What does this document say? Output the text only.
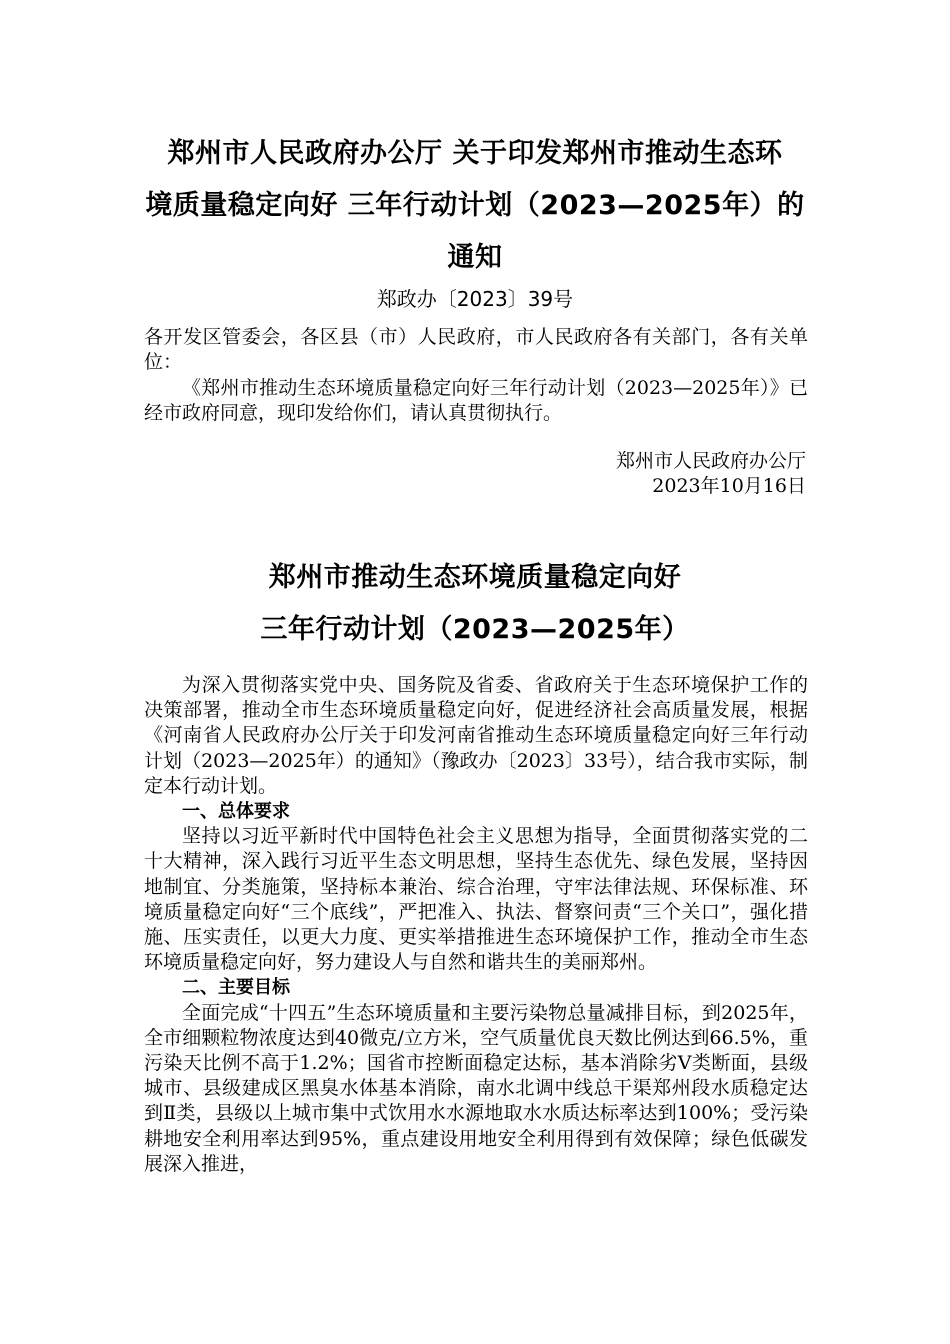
郑州市人民政府办公厅 关于印发郑州市推动生态环
境质量稳定向好 三年行动计划（2023—2025年）的
通知
郑政办〔2023〕39号
各开发区管委会，各区县（市）人民政府，市人民政府各有关部门，各有关单位：
《郑州市推动生态环境质量稳定向好三年行动计划（2023—2025年）》已经市政府同意，现印发给你们，请认真贯彻执行。
郑州市人民政府办公厅
2023年10月16日
郑州市推动生态环境质量稳定向好
三年行动计划（2023—2025年）

为深入贯彻落实党中央、国务院及省委、省政府关于生态环境保护工作的决策部署，推动全市生态环境质量稳定向好，促进经济社会高质量发展，根据《河南省人民政府办公厅关于印发河南省推动生态环境质量稳定向好三年行动计划（2023—2025年）的通知》（豫政办〔2023〕33号），结合我市实际，制定本行动计划。

一、总体要求

坚持以习近平新时代中国特色社会主义思想为指导，全面贯彻落实党的二十大精神，深入践行习近平生态文明思想，坚持生态优先、绿色发展，坚持因地制宜、分类施策，坚持标本兼治、综合治理，守牢法律法规、环保标准、环境质量稳定向好“三个底线”，严把准入、执法、督察问责“三个关口”，强化措施、压实责任，以更大力度、更实举措推进生态环境保护工作，推动全市生态环境质量稳定向好，努力建设人与自然和谐共生的美丽郑州。

二、主要目标

全面完成“十四五”生态环境质量和主要污染物总量减排目标，到2025年，全市细颗粒物浓度达到40微克/立方米，空气质量优良天数比例达到66.5%，重污染天比例不高于1.2%；国省市控断面稳定达标，基本消除劣Ⅴ类断面，县级城市、县级建成区黑臭水体基本消除，南水北调中线总干渠郑州段水质稳定达到Ⅱ类，县级以上城市集中式饮用水水源地取水水质达标率达到100%；受污染耕地安全利用率达到95%，重点建设用地安全利用得到有效保障；绿色低碳发展深入推进，
